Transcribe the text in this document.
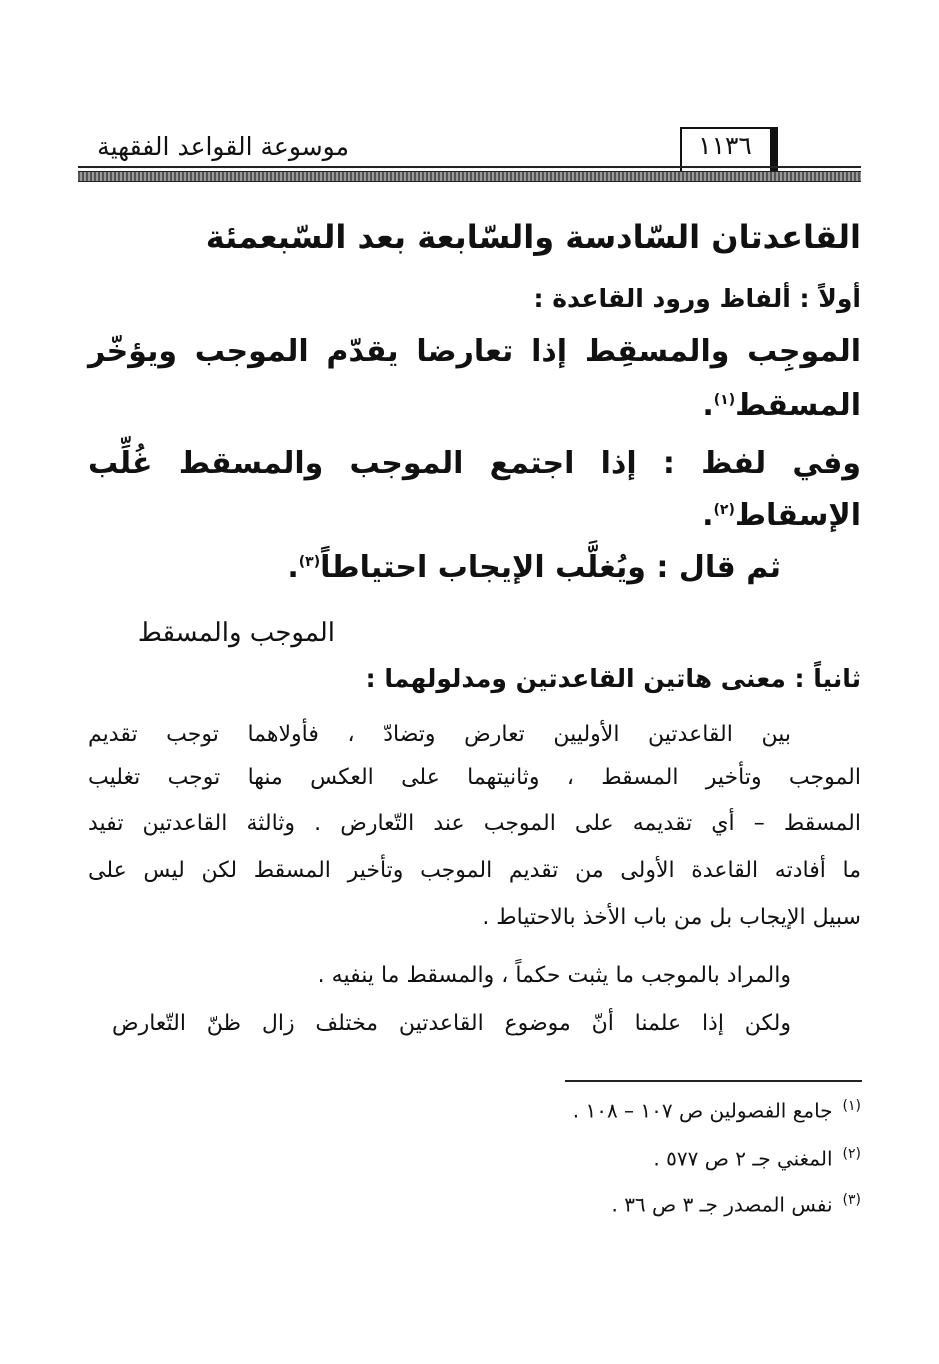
١١٣٦
موسوعة القواعد الفقهية
القاعدتان السّادسة والسّابعة بعد السّبعمئة
أولاً : ألفاظ ورود القاعدة :
الموجِب والمسقِط إذا تعارضا يقدّم الموجب ويؤخّر
المسقط$^{(١)}$.
وفي لفظ : إذا اجتمع الموجب والمسقط غُلِّب
الإسقاط$^{(٢)}$.
ثم قال : ويُغلَّب الإيجاب احتياطاً$^{(٣)}$.
الموجب والمسقط
ثانياً : معنى هاتين القاعدتين ومدلولهما :
بين القاعدتين الأوليين تعارض وتضادّ ، فأولاهما توجب تقديم
الموجب وتأخير المسقط ، وثانيتهما على العكس منها توجب تغليب
المسقط – أي تقديمه على الموجب عند التّعارض . وثالثة القاعدتين تفيد
ما أفادته القاعدة الأولى من تقديم الموجب وتأخير المسقط لكن ليس على
سبيل الإيجاب بل من باب الأخذ بالاحتياط .
والمراد بالموجب ما يثبت حكماً ، والمسقط ما ينفيه .
ولكن إذا علمنا أنّ موضوع القاعدتين مختلف زال ظنّ التّعارض
$^{(١)}$جامع الفصولين ص ١٠٧ – ١٠٨ .
$^{(٢)}$المغني جـ ٢ ص ٥٧٧ .
$^{(٣)}$نفس المصدر جـ ٣ ص ٣٦ .
